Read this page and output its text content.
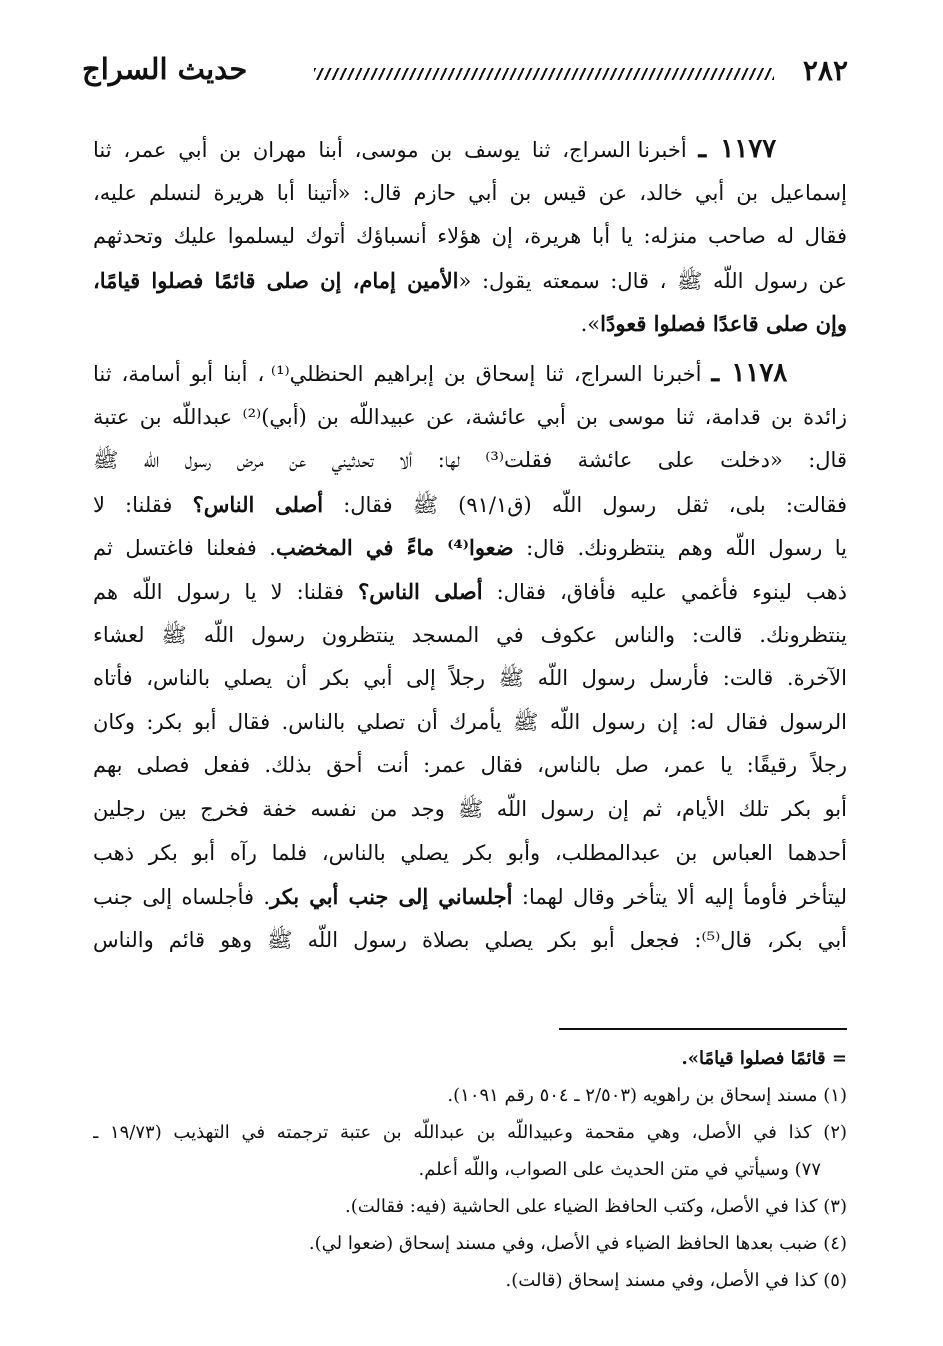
٢٨٢
حديث السراج
١١٧٧ ـ أخبرنا السراج، ثنا يوسف بن موسى، أبنا مهران بن أبي عمر، ثنا
إسماعيل بن أبي خالد، عن قيس بن أبي حازم قال: «أتينا أبا هريرة لنسلم عليه،
فقال له صاحب منزله: يا أبا هريرة، إن هؤلاء أنسباؤك أتوك ليسلموا عليك وتحدثهم
عن رسول اللّه ﷺ ، قال: سمعته يقول: «الأمين إمام، إن صلى قائمًا فصلوا قيامًا،
وإن صلى قاعدًا فصلوا قعودًا».
١١٧٨ ـ أخبرنا السراج، ثنا إسحاق بن إبراهيم الحنظلي⁽¹⁾ ، أبنا أبو أسامة، ثنا
زائدة بن قدامة، ثنا موسى بن أبي عائشة، عن عبيداللّه بن (أبي)⁽²⁾ عبداللّه بن عتبة
قال: «دخلت على عائشة فقلت⁽³⁾ لها: ألا تحدثيني عن مرض رسول اللّه ﷺ
فقالت: بلى، ثقل رسول اللّه (ق٩١/١) ﷺ فقال: أصلى الناس؟ فقلنا: لا
يا رسول اللّه وهم ينتظرونك. قال: ضعوا⁽⁴⁾ ماءً في المخضب. ففعلنا فاغتسل ثم
ذهب لينوء فأغمي عليه فأفاق، فقال: أصلى الناس؟ فقلنا: لا يا رسول اللّه هم
ينتظرونك. قالت: والناس عكوف في المسجد ينتظرون رسول اللّه ﷺ لعشاء
الآخرة. قالت: فأرسل رسول اللّه ﷺ رجلاً إلى أبي بكر أن يصلي بالناس، فأتاه
الرسول فقال له: إن رسول اللّه ﷺ يأمرك أن تصلي بالناس. فقال أبو بكر: وكان
رجلاً رقيقًا: يا عمر، صل بالناس، فقال عمر: أنت أحق بذلك. ففعل فصلى بهم
أبو بكر تلك الأيام، ثم إن رسول اللّه ﷺ وجد من نفسه خفة فخرج بين رجلين
أحدهما العباس بن عبدالمطلب، وأبو بكر يصلي بالناس، فلما رآه أبو بكر ذهب
ليتأخر فأومأ إليه ألا يتأخر وقال لهما: أجلساني إلى جنب أبي بكر. فأجلساه إلى جنب
أبي بكر، قال⁽⁵⁾: فجعل أبو بكر يصلي بصلاة رسول اللّه ﷺ وهو قائم والناس
= قائمًا فصلوا قيامًا».
(١) مسند إسحاق بن راهويه (٢/٥٠٣ ـ ٥٠٤ رقم ١٠٩١).
(٢) كذا في الأصل، وهي مقحمة وعبيداللّه بن عبداللّه بن عتبة ترجمته في التهذيب (١٩/٧٣ ـ
٧٧) وسيأتي في متن الحديث على الصواب، واللّه أعلم.
(٣) كذا في الأصل، وكتب الحافظ الضياء على الحاشية (فيه: فقالت).
(٤) ضبب بعدها الحافظ الضياء في الأصل، وفي مسند إسحاق (ضعوا لي).
(٥) كذا في الأصل، وفي مسند إسحاق (قالت).
